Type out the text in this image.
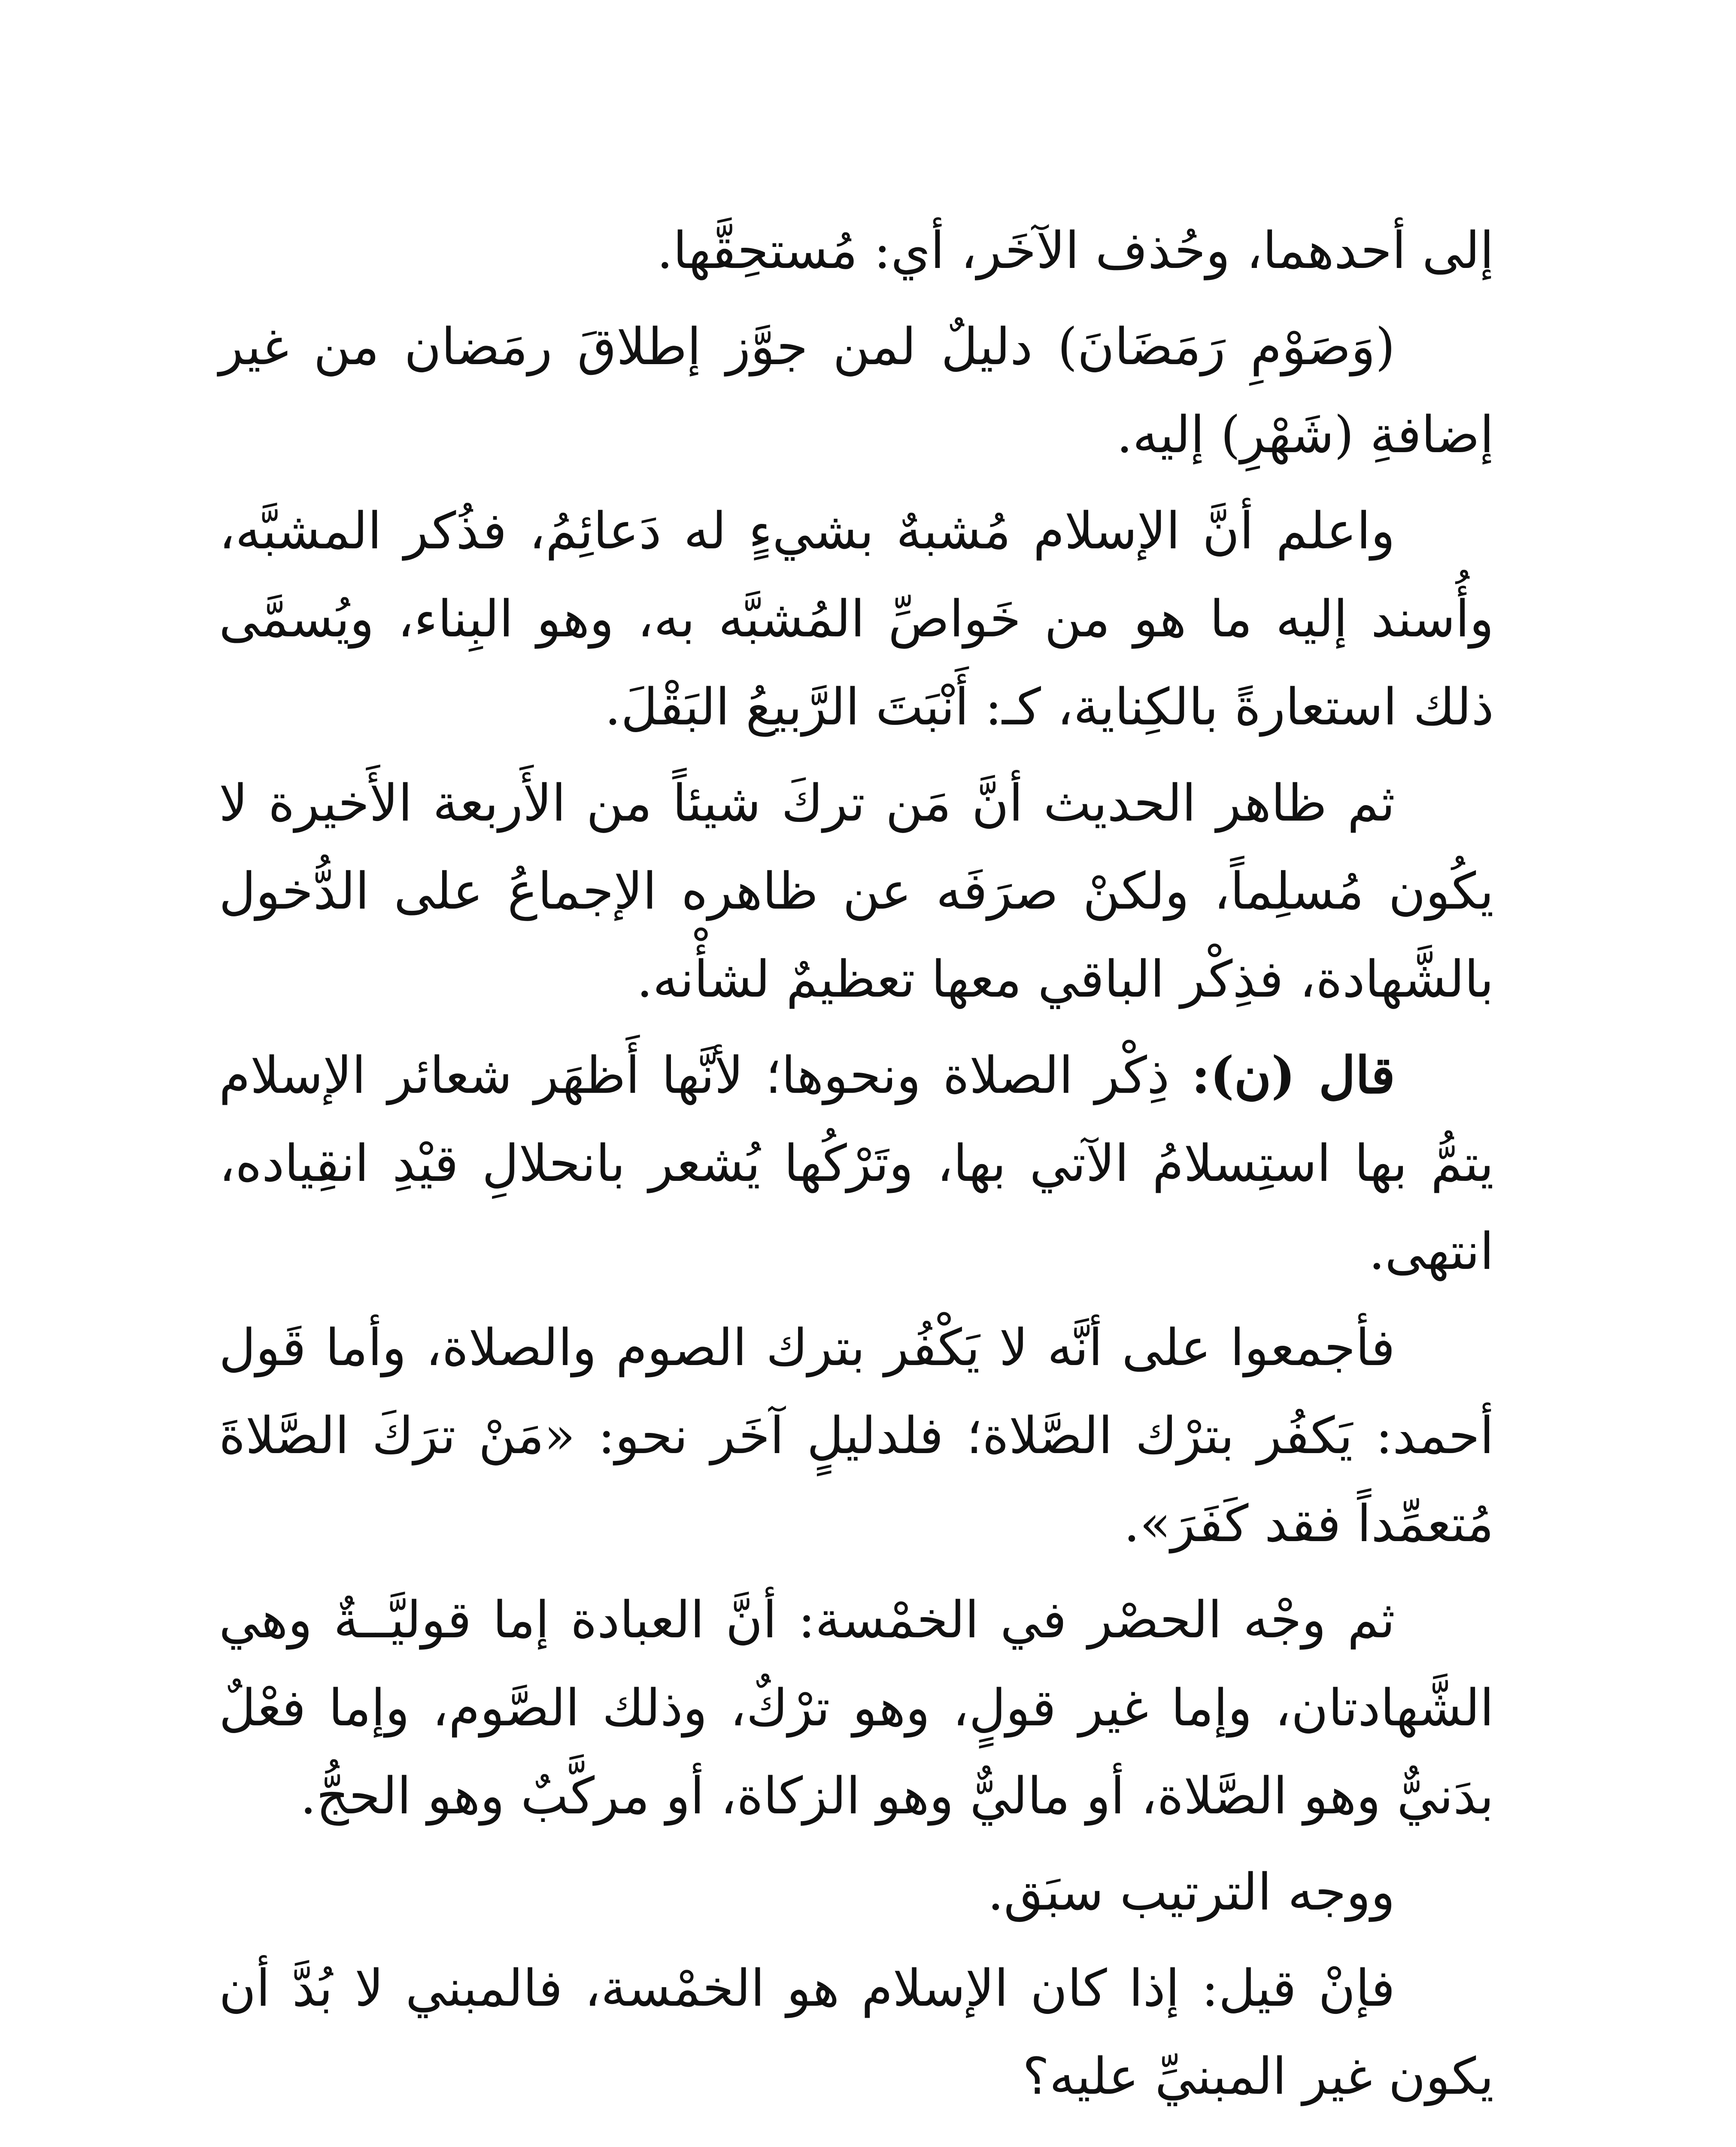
إلى أحدهما، وحُذف الآخَر، أي: مُستحِقَّها.

(وَصَوْمِ رَمَضَانَ) دليلٌ لمن جوَّز إطلاقَ رمَضان من غير إضافةِ (شَهْرِ) إليه.

واعلم أنَّ الإسلام مُشبهٌ بشيءٍ له دَعائِمُ، فذُكر المشبَّه، وأُسند إليه ما هو من خَواصِّ المُشبَّه به، وهو البِناء، ويُسمَّى ذلك استعارةً بالكِناية، كـ: أَنْبَتَ الرَّبيعُ البَقْلَ.

ثم ظاهر الحديث أنَّ مَن تركَ شيئاً من الأَربعة الأَخيرة لا يكُون مُسلِماً، ولكنْ صرَفَه عن ظاهره الإجماعُ على الدُّخول بالشَّهادة، فذِكْر الباقي معها تعظيمٌ لشأْنه.

قال (ن): ذِكْر الصلاة ونحوها؛ لأنَّها أَظهَر شعائر الإسلام يتمُّ بها استِسلامُ الآتي بها، وتَرْكُها يُشعر بانحلالِ قيْدِ انقِياده، انتهى.

فأجمعوا على أنَّه لا يَكْفُر بترك الصوم والصلاة، وأما قَول أحمد: يَكفُر بترْك الصَّلاة؛ فلدليلٍ آخَر نحو: «مَنْ ترَكَ الصَّلاةَ مُتعمِّداً فقد كَفَرَ».

ثم وجْه الحصْر في الخمْسة: أنَّ العبادة إما قوليَّــةٌ وهي الشَّهادتان، وإما غير قولٍ، وهو ترْكٌ، وذلك الصَّوم، وإما فعْلٌ بدَنيٌّ وهو الصَّلاة، أو ماليٌّ وهو الزكاة، أو مركَّبٌ وهو الحجُّ.

ووجه الترتيب سبَق.

فإنْ قيل: إذا كان الإسلام هو الخمْسة، فالمبني لا بُدَّ أن يكون غير المبنيِّ عليه؟
